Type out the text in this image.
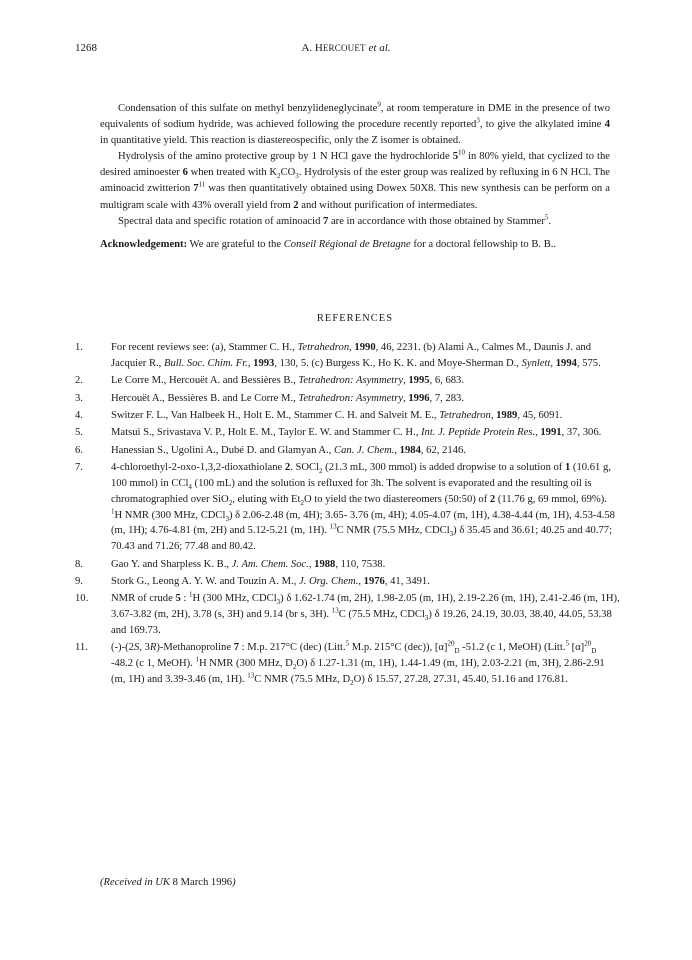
1268	A. HERCOUET et al.

Condensation of this sulfate on methyl benzylideneglycinate$^9$, at room temperature in DME in the presence of two equivalents of sodium hydride, was achieved following the procedure recently reported$^3$, to give the alkylated imine 4 in quantitative yield. This reaction is diastereospecific, only the Z isomer is obtained.

Hydrolysis of the amino protective group by 1 N HCl gave the hydrochloride $5^{10}$ in 80% yield, that cyclized to the desired aminoester 6 when treated with $K_2CO_3$. Hydrolysis of the ester group was realized by refluxing in 6 N HCl. The aminoacid zwitterion $7^{11}$ was then quantitatively obtained using Dowex 50X8. This new synthesis can be perform on a multigram scale with 43% overall yield from 2 and without purification of intermediates.

Spectral data and specific rotation of aminoacid 7 are in accordance with those obtained by Stammer$^5$.

Acknowledgement: We are grateful to the Conseil Régional de Bretagne for a doctoral fellowship to B. B..

REFERENCES
1.	For recent reviews see: (a), Stammer C. H., Tetrahedron, 1990, 46, 2231. (b) Alami A., Calmes M., Daunis J. and Jacquier R., Bull. Soc. Chim. Fr., 1993, 130, 5. (c) Burgess K., Ho K. K. and Moye-Sherman D., Synlett, 1994, 575.
2.	Le Corre M., Hercouët A. and Bessières B., Tetrahedron: Asymmetry, 1995, 6, 683.
3.	Hercouët A., Bessières B. and Le Corre M., Tetrahedron: Asymmetry, 1996, 7, 283.
4.	Switzer F. L., Van Halbeek H., Holt E. M., Stammer C. H. and Salveit M. E., Tetrahedron, 1989, 45, 6091.
5.	Matsui S., Srivastava V. P., Holt E. M., Taylor E. W. and Stammer C. H., Int. J. Peptide Protein Res., 1991, 37, 306.
6.	Hanessian S., Ugolini A., Dubé D. and Glamyan A., Can. J. Chem., 1984, 62, 2146.
7.	4-chloroethyl-2-oxo-1,3,2-dioxathiolane 2. SOCl$_2$ (21.3 mL, 300 mmol) is added dropwise to a solution of 1 (10.61 g, 100 mmol) in CCl$_4$ (100 mL) and the solution is refluxed for 3h. The solvent is evaporated and the resulting oil is chromatographied over SiO$_2$, eluting with $Et_2O$ to yield the two diastereomers (50:50) of 2 (11.76 g, 69 mmol, 69%). $^1$H NMR (300 MHz, CDCl$_3$) δ 2.06-2.48 (m, 4H); 3.65- 3.76 (m, 4H); 4.05-4.07 (m, 1H), 4.38-4.44 (m, 1H), 4.53-4.58 (m, 1H); 4.76-4.81 (m, 2H) and 5.12-5.21 (m, 1H). $^{13}$C NMR (75.5 MHz, CDCl$_3$) δ 35.45 and 36.61; 40.25 and 40.77; 70.43 and 71.26; 77.48 and 80.42.
8.	Gao Y. and Sharpless K. B., J. Am. Chem. Soc., 1988, 110, 7538.
9.	Stork G., Leong A. Y. W. and Touzin A. M., J. Org. Chem., 1976, 41, 3491.
10.	NMR of crude 5 : $^1$H (300 MHz, CDCl$_3$) δ 1.62-1.74 (m, 2H), 1.98-2.05 (m, 1H), 2.19-2.26 (m, 1H), 2.41-2.46 (m, 1H), 3.67-3.82 (m, 2H), 3.78 (s, 3H) and 9.14 (br s, 3H). $^{13}$C (75.5 MHz, CDCl$_3$) δ 19.26, 24.19, 30.03, 38.40, 44.05, 53.38 and 169.73.
11.	(-)-(2S, 3R)-Methanoproline 7 : M.p. 217°C (dec) (Litt.$^5$ M.p. 215°C (dec)), $[\alpha]^{20}_D$ -51.2 (c 1, MeOH) (Litt.$^5$ $[\alpha]^{20}_D$ -48.2 (c 1, MeOH). $^1$H NMR (300 MHz, $D_2O$) δ 1.27-1.31 (m, 1H), 1.44-1.49 (m, 1H), 2.03-2.21 (m, 3H), 2.86-2.91 (m, 1H) and 3.39-3.46 (m, 1H). $^{13}$C NMR (75.5 MHz, $D_2O$) δ 15.57, 27.28, 27.31, 45.40, 51.16 and 176.81.
(Received in UK 8 March 1996)
